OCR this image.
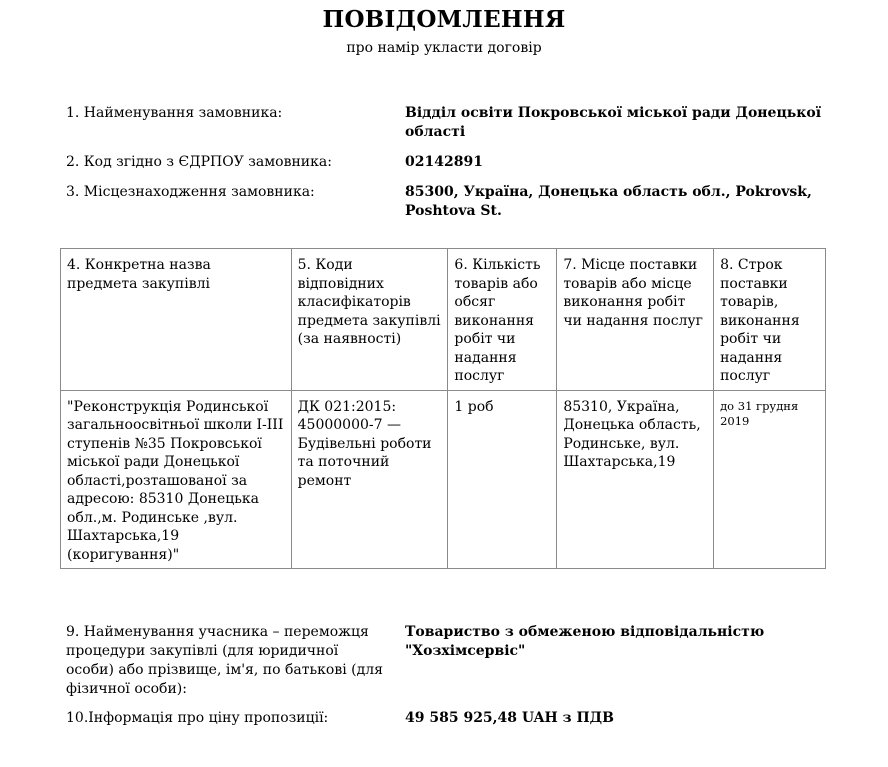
ПОВІДОМЛЕННЯ
про намір укласти договір
1. Найменування замовника:	Відділ освіти Покровської міської ради Донецької області
2. Код згідно з ЄДРПОУ замовника:	02142891
3. Місцезнаходження замовника:	85300, Україна, Донецька область обл., Pokrovsk, Poshtova St.
4. Конкретна назва предмета закупівлі	5. Коди відповідних класифікаторів предмета закупівлі (за наявності)	6. Кількість товарів або обсяг виконання робіт чи надання послуг	7. Місце поставки товарів або місце виконання робіт чи надання послуг	8. Строк поставки товарів, виконання робіт чи надання послуг
"Реконструкція Родинської загальноосвітньої школи І-ІІІ ступенів №35 Покровської міської ради Донецької області,розташованої за адресою: 85310 Донецька обл.,м. Родинське ,вул. Шахтарська,19 (коригування)"	ДК 021:2015: 45000000-7 — Будівельні роботи та поточний ремонт	1 роб	85310, Україна, Донецька область, Родинське, вул. Шахтарська,19	до 31 грудня 2019
9. Найменування учасника – переможця процедури закупівлі (для юридичної особи) або прізвище, ім'я, по батькові (для фізичної особи):
Товариство з обмеженою відповідальністю "Хозхімсервіс"
10.Інформація про ціну пропозиції:	49 585 925,48 UAH з ПДВ
